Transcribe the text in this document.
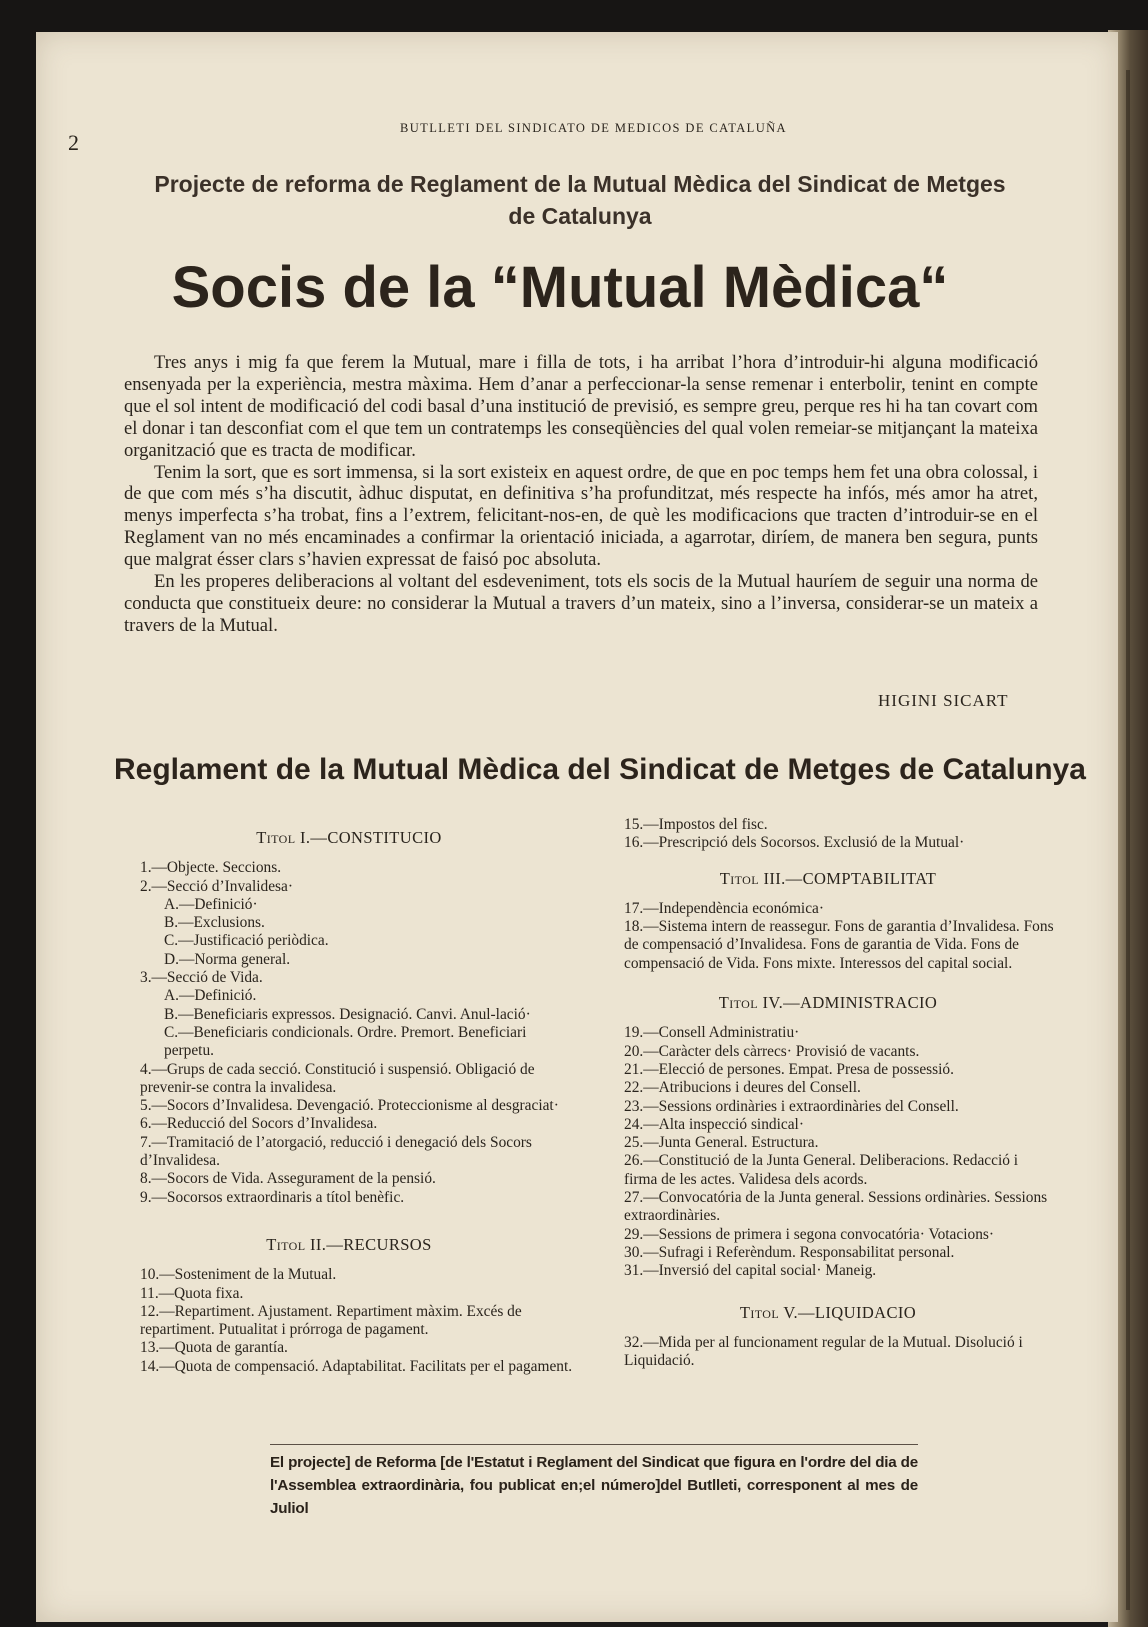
2
BUTLLETI DEL SINDICATO DE MEDICOS DE CATALUÑA
Projecte de reforma de Reglament de la Mutual Mèdica del Sindicat de Metges de Catalunya
Socis de la “Mutual Mèdica“

Tres anys i mig fa que ferem la Mutual, mare i filla de tots, i ha arribat l’hora d’introduir-hi alguna modificació ensenyada per la experiència, mestra màxima. Hem d’anar a perfeccionar-la sense remenar i enterbolir, tenint en compte que el sol intent de modificació del codi basal d’una institució de previsió, es sempre greu, perque res hi ha tan covart com el donar i tan desconfiat com el que tem un contratemps les conseqüències del qual volen remeiar-se mitjançant la mateixa organització que es tracta de modificar.

Tenim la sort, que es sort immensa, si la sort existeix en aquest ordre, de que en poc temps hem fet una obra colossal, i de que com més s’ha discutit, àdhuc disputat, en definitiva s’ha profunditzat, més respecte ha infós, més amor ha atret, menys imperfecta s’ha trobat, fins a l’extrem, felicitant-nos-en, de què les modificacions que tracten d’introduir-se en el Reglament van no més encaminades a confirmar la orientació iniciada, a agarrotar, diríem, de manera ben segura, punts que malgrat ésser clars s’havien expressat de faisó poc absoluta.

En les properes deliberacions al voltant del esdeveniment, tots els socis de la Mutual hauríem de seguir una norma de conducta que constitueix deure: no considerar la Mutual a travers d’un mateix, sino a l’inversa, considerar-se un mateix a travers de la Mutual.

HIGINI SICART
Reglament de la Mutual Mèdica del Sindicat de Metges de Catalunya
Titol I.—CONSTITUCIO
1.—Objecte. Seccions.
2.—Secció d’Invalidesa·
A.—Definició·
B.—Exclusions.
C.—Justificació periòdica.
D.—Norma general.
3.—Secció de Vida.
A.—Definició.
B.—Beneficiaris expressos. Designació. Canvi. Anul-lació·
C.—Beneficiaris condicionals. Ordre. Premort. Beneficiari perpetu.
4.—Grups de cada secció. Constitució i suspensió. Obligació de prevenir-se contra la invalidesa.
5.—Socors d’Invalidesa. Devengació. Proteccionisme al desgraciat·
6.—Reducció del Socors d’Invalidesa.
7.—Tramitació de l’atorgació, reducció i denegació dels Socors d’Invalidesa.
8.—Socors de Vida. Assegurament de la pensió.
9.—Socorsos extraordinaris a títol benèfic.
Titol II.—RECURSOS
10.—Sosteniment de la Mutual.
11.—Quota fixa.
12.—Repartiment. Ajustament. Repartiment màxim. Excés de repartiment. Putualitat i prórroga de pagament.
13.—Quota de garantía.
14.—Quota de compensació. Adaptabilitat. Facilitats per el pagament.
15.—Impostos del fisc.
16.—Prescripció dels Socorsos. Exclusió de la Mutual·
Titol III.—COMPTABILITAT
17.—Independència económica·
18.—Sistema intern de reassegur. Fons de garantia d’Invalidesa. Fons de compensació d’Invalidesa. Fons de garantia de Vida. Fons de compensació de Vida. Fons mixte. Interessos del capital social.
Titol IV.—ADMINISTRACIO
19.—Consell Administratiu·
20.—Caràcter dels càrrecs· Provisió de vacants.
21.—Elecció de persones. Empat. Presa de possessió.
22.—Atribucions i deures del Consell.
23.—Sessions ordinàries i extraordinàries del Consell.
24.—Alta inspecció sindical·
25.—Junta General. Estructura.
26.—Constitució de la Junta General. Deliberacions. Redacció i firma de les actes. Validesa dels acords.
27.—Convocatória de la Junta general. Sessions ordinàries. Sessions extraordinàries.
29.—Sessions de primera i segona convocatória· Votacions·
30.—Sufragi i Referèndum. Responsabilitat personal.
31.—Inversió del capital social· Maneig.
Titol V.—LIQUIDACIO
32.—Mida per al funcionament regular de la Mutual. Disolució i Liquidació.
El projecte] de Reforma [de l'Estatut i Reglament del Sindicat que figura en l'ordre del dia de l'Assemblea extraordinària, fou publicat en;el número]del Butlleti, corresponent al mes de Juliol
